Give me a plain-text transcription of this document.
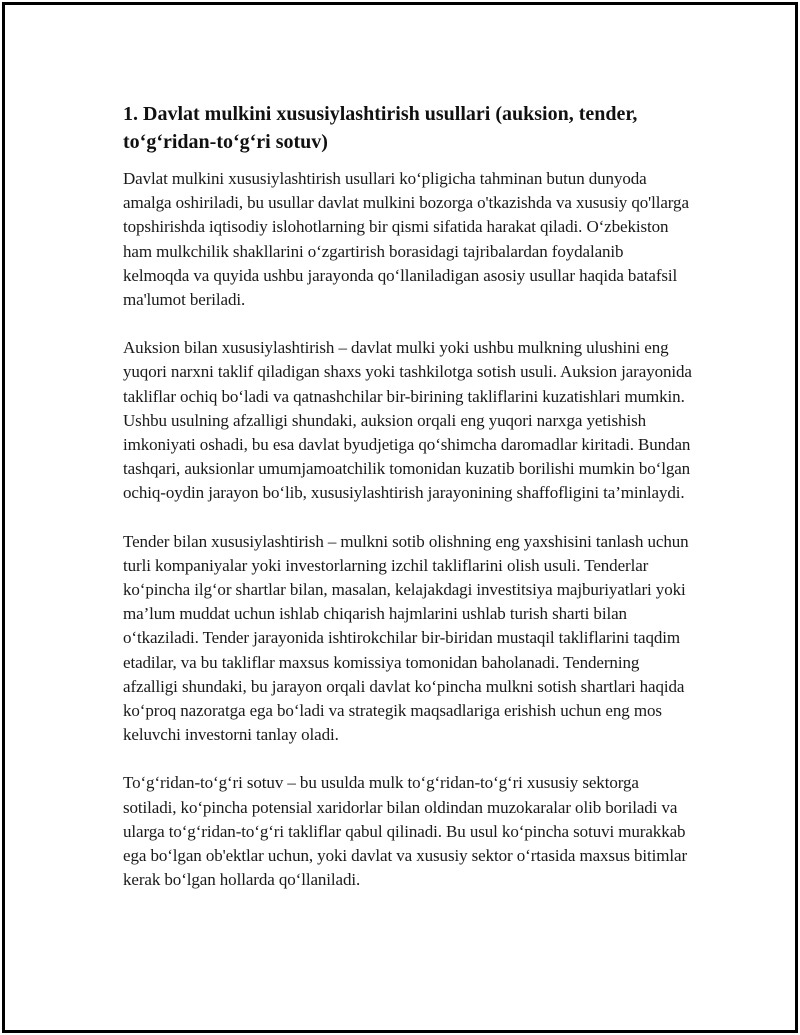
1. Davlat mulkini xususiylashtirish usullari (auksion, tender, to‘g‘ridan-to‘g‘ri sotuv)

Davlat mulkini xususiylashtirish usullari ko‘pligicha tahminan butun dunyoda amalga oshiriladi, bu usullar davlat mulkini bozorga o'tkazishda va xususiy qo'llarga topshirishda iqtisodiy islohotlarning bir qismi sifatida harakat qiladi. O‘zbekiston ham mulkchilik shakllarini o‘zgartirish borasidagi tajribalardan foydalanib kelmoqda va quyida ushbu jarayonda qo‘llaniladigan asosiy usullar haqida batafsil ma'lumot beriladi.

Auksion bilan xususiylashtirish – davlat mulki yoki ushbu mulkning ulushini eng yuqori narxni taklif qiladigan shaxs yoki tashkilotga sotish usuli. Auksion jarayonida takliflar ochiq bo‘ladi va qatnashchilar bir-birining takliflarini kuzatishlari mumkin. Ushbu usulning afzalligi shundaki, auksion orqali eng yuqori narxga yetishish imkoniyati oshadi, bu esa davlat byudjetiga qo‘shimcha daromadlar kiritadi. Bundan tashqari, auksionlar umumjamoatchilik tomonidan kuzatib borilishi mumkin bo‘lgan ochiq-oydin jarayon bo‘lib, xususiylashtirish jarayonining shaffofligini ta’minlaydi.

Tender bilan xususiylashtirish – mulkni sotib olishning eng yaxshisini tanlash uchun turli kompaniyalar yoki investorlarning izchil takliflarini olish usuli. Tenderlar ko‘pincha ilg‘or shartlar bilan, masalan, kelajakdagi investitsiya majburiyatlari yoki ma’lum muddat uchun ishlab chiqarish hajmlarini ushlab turish sharti bilan o‘tkaziladi. Tender jarayonida ishtirokchilar bir-biridan mustaqil takliflarini taqdim etadilar, va bu takliflar maxsus komissiya tomonidan baholanadi. Tenderning afzalligi shundaki, bu jarayon orqali davlat ko‘pincha mulkni sotish shartlari haqida ko‘proq nazoratga ega bo‘ladi va strategik maqsadlariga erishish uchun eng mos keluvchi investorni tanlay oladi.

To‘g‘ridan-to‘g‘ri sotuv – bu usulda mulk to‘g‘ridan-to‘g‘ri xususiy sektorga sotiladi, ko‘pincha potensial xaridorlar bilan oldindan muzokaralar olib boriladi va ularga to‘g‘ridan-to‘g‘ri takliflar qabul qilinadi. Bu usul ko‘pincha sotuvi murakkab ega bo‘lgan ob'ektlar uchun, yoki davlat va xususiy sektor o‘rtasida maxsus bitimlar kerak bo‘lgan hollarda qo‘llaniladi.
